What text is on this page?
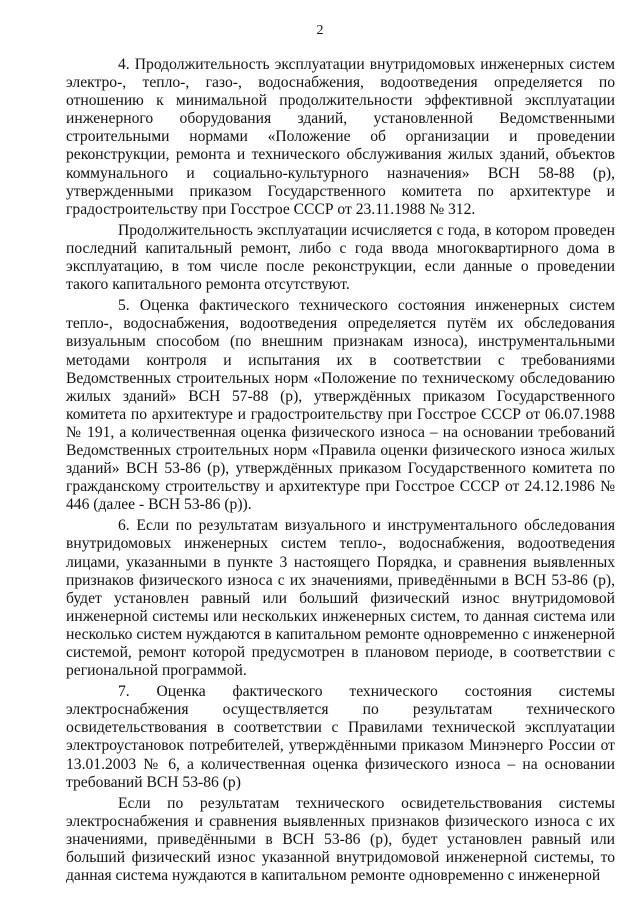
2

4. Продолжительность эксплуатации внутридомовых инженерных систем электро-, тепло-, газо-, водоснабжения, водоотведения определяется по отношению к минимальной продолжительности эффективной эксплуатации инженерного оборудования зданий, установленной Ведомственными строительными нормами «Положение об организации и проведении реконструкции, ремонта и технического обслуживания жилых зданий, объектов коммунального и социально-культурного назначения» ВСН 58-88 (р), утвержденными приказом Государственного комитета по архитектуре и градостроительству при Госстрое СССР от 23.11.1988 № 312.

Продолжительность эксплуатации исчисляется с года, в котором проведен последний капитальный ремонт, либо с года ввода многоквартирного дома в эксплуатацию, в том числе после реконструкции, если данные о проведении такого капитального ремонта отсутствуют.

5. Оценка фактического технического состояния инженерных систем тепло-, водоснабжения, водоотведения определяется путём их обследования визуальным способом (по внешним признакам износа), инструментальными методами контроля и испытания их в соответствии с требованиями Ведомственных строительных норм «Положение по техническому обследованию жилых зданий» ВСН 57-88 (р), утверждённых приказом Государственного комитета по архитектуре и градостроительству при Госстрое СССР от 06.07.1988 № 191, а количественная оценка физического износа – на основании требований Ведомственных строительных норм «Правила оценки физического износа жилых зданий» ВСН 53-86 (р), утверждённых приказом Государственного комитета по гражданскому строительству и архитектуре при Госстрое СССР от 24.12.1986 № 446 (далее - ВСН 53-86 (р)).

6. Если по результатам визуального и инструментального обследования внутридомовых инженерных систем тепло-, водоснабжения, водоотведения лицами, указанными в пункте 3 настоящего Порядка, и сравнения выявленных признаков физического износа с их значениями, приведёнными в ВСН 53-86 (р), будет установлен равный или больший физический износ внутридомовой инженерной системы или нескольких инженерных систем, то данная система или несколько систем нуждаются в капитальном ремонте одновременно с инженерной системой, ремонт которой предусмотрен в плановом периоде, в соответствии с региональной программой.

7. Оценка фактического технического состояния системы электроснабжения осуществляется по результатам технического освидетельствования в соответствии с Правилами технической эксплуатации электроустановок потребителей, утверждёнными приказом Минэнерго России от 13.01.2003 № 6, а количественная оценка физического износа – на основании требований ВСН 53-86 (р)

Если по результатам технического освидетельствования системы электроснабжения и сравнения выявленных признаков физического износа с их значениями, приведёнными в ВСН 53-86 (р), будет установлен равный или больший физический износ указанной внутридомовой инженерной системы, то данная система нуждаются в капитальном ремонте одновременно с инженерной
